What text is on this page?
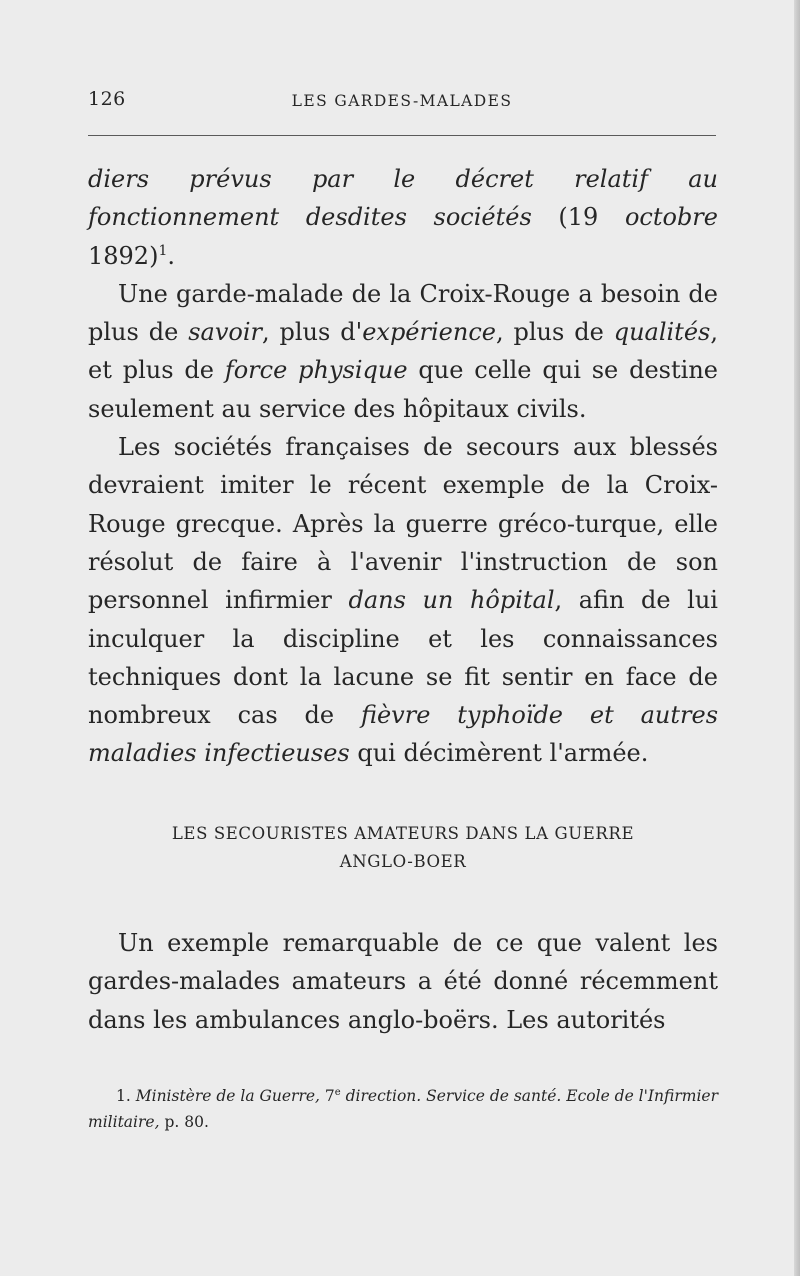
126	LES GARDES-MALADES

diers prévus par le décret relatif au fonctionnement desdites sociétés (19 octobre 1892)$^1$.

Une garde-malade de la Croix-Rouge a besoin de plus de savoir, plus d'expérience, plus de qualités, et plus de force physique que celle qui se destine seulement au service des hôpitaux civils.

Les sociétés françaises de secours aux blessés devraient imiter le récent exemple de la Croix-Rouge grecque. Après la guerre gréco-turque, elle résolut de faire à l'avenir l'instruction de son personnel infirmier dans un hôpital, afin de lui inculquer la discipline et les connaissances techniques dont la lacune se fit sentir en face de nombreux cas de fièvre typhoïde et autres maladies infectieuses qui décimèrent l'armée.

LES SECOURISTES AMATEURS DANS LA GUERRE
ANGLO-BOER

Un exemple remarquable de ce que valent les gardes-malades amateurs a été donné récemment dans les ambulances anglo-boërs. Les autorités

1. Ministère de la Guerre, 7e direction. Service de santé. Ecole de l'Infirmier militaire, p. 80.
